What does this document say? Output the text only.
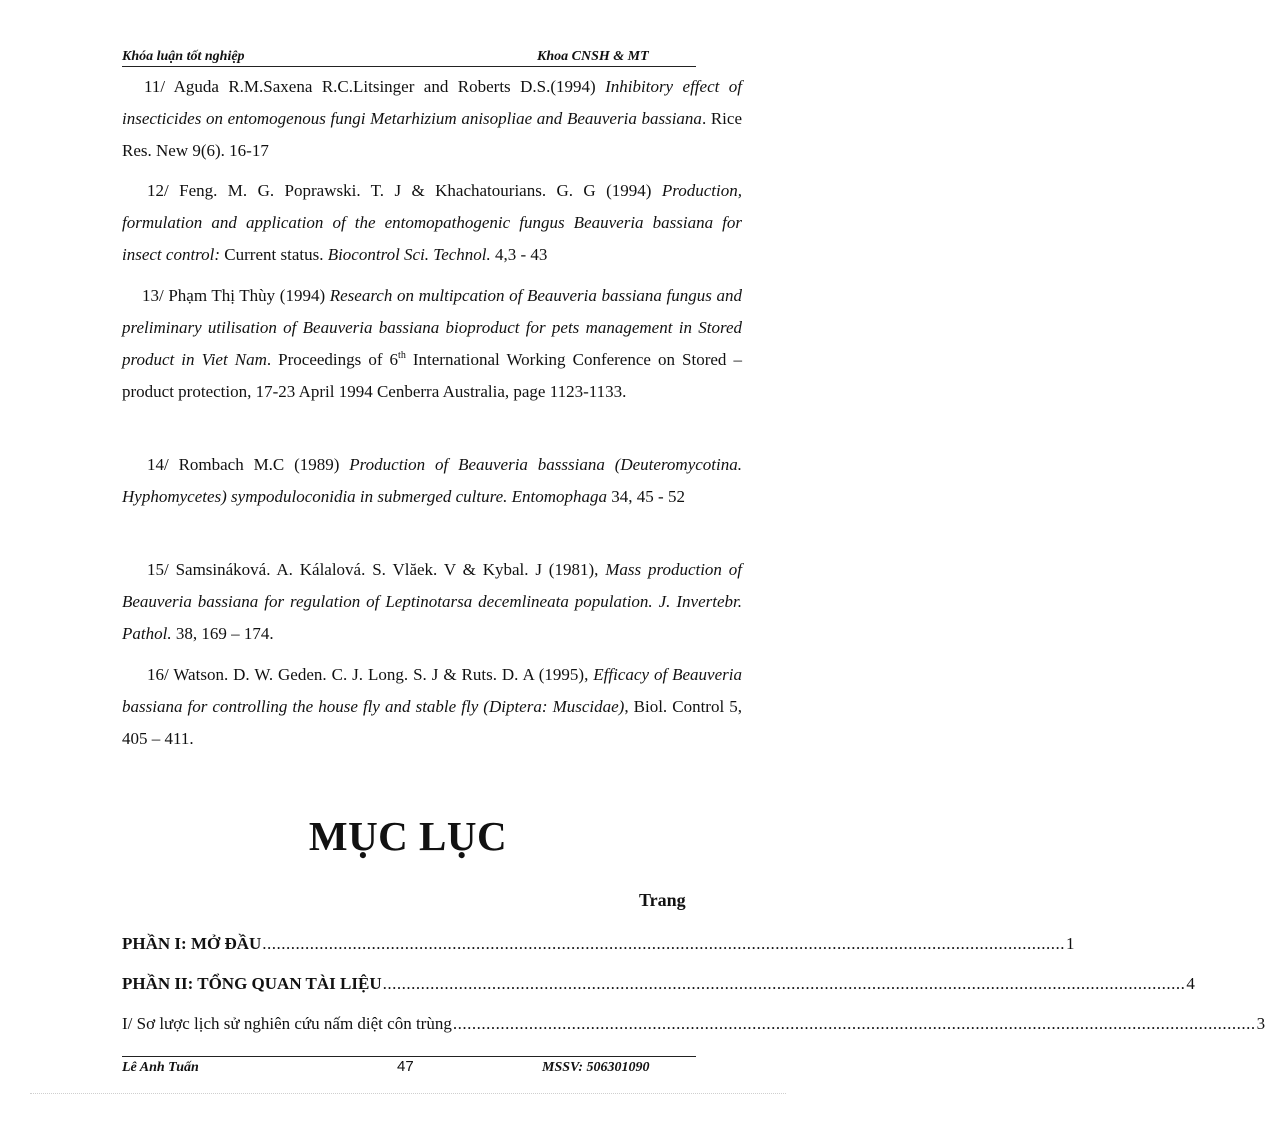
Khóa luận tốt nghiệp	Khoa CNSH & MT

11/ Aguda R.M.Saxena R.C.Litsinger and Roberts D.S.(1994) Inhibitory effect of insecticides on entomogenous fungi Metarhizium anisopliae and Beauveria bassiana. Rice Res. New 9(6). 16-17

12/ Feng. M. G. Poprawski. T. J & Khachatourians. G. G (1994) Production, formulation and application of the entomopathogenic fungus Beauveria bassiana for insect control: Current status. Biocontrol Sci. Technol. 4,3 - 43

13/ Phạm Thị Thùy (1994) Research on multipcation of Beauveria bassiana fungus and preliminary utilisation of Beauveria bassiana bioproduct for pets management in Stored product in Viet Nam. Proceedings of 6th International Working Conference on Stored – product protection, 17-23 April 1994 Cenberra Australia, page 1123-1133.

14/ Rombach M.C (1989) Production of Beauveria basssiana (Deuteromycotina. Hyphomycetes) sympoduloconidia in submerged culture. Entomophaga 34, 45 - 52

15/ Samsináková. A. Kálalová. S. Vlăek. V & Kybal. J (1981), Mass production of Beauveria bassiana for regulation of Leptinotarsa decemlineata population. J. Invertebr. Pathol. 38, 169 – 174.

16/ Watson. D. W. Geden. C. J. Long. S. J & Ruts. D. A (1995), Efficacy of Beauveria bassiana for controlling the house fly and stable fly (Diptera: Muscidae), Biol. Control 5, 405 – 411.

MỤC LỤC
Trang
PHẦN I: MỞ ĐẦU ......................................................................................................................................................................... 1
PHẦN II: TỔNG QUAN TÀI LIỆU ......................................................................................................................................................................... 4
I/ Sơ lược lịch sử nghiên cứu nấm diệt côn trùng ......................................................................................................................................................................... 3
Lê Anh Tuấn	47	MSSV: 506301090
